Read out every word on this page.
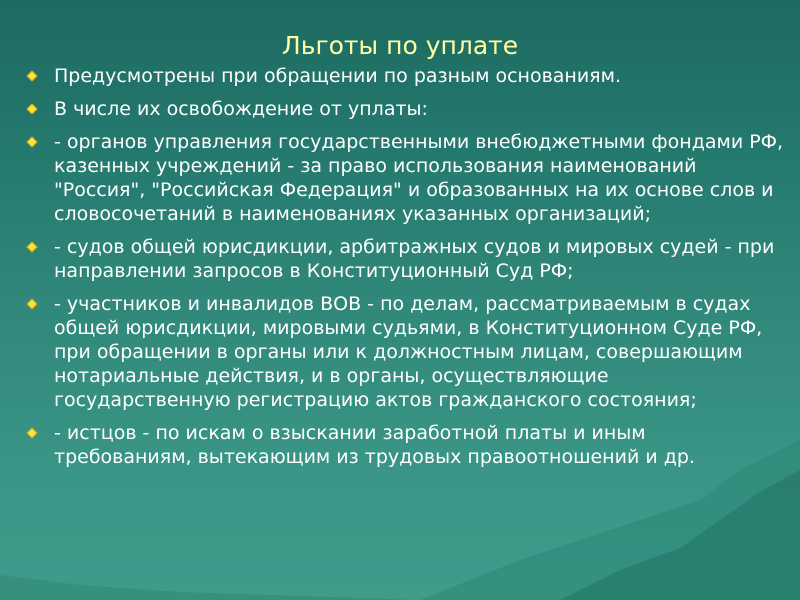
Льготы по уплате
Предусмотрены при обращении по разным основаниям.
В числе их освобождение от уплаты:
- органов управления государственными внебюджетными фондами РФ, казенных учреждений - за право использования наименований "Россия", "Российская Федерация" и образованных на их основе слов и словосочетаний в наименованиях указанных организаций;
- судов общей юрисдикции, арбитражных судов и мировых судей - при направлении запросов в Конституционный Суд РФ;
- участников и инвалидов ВОВ - по делам, рассматриваемым в судах общей юрисдикции, мировыми судьями, в Конституционном Суде РФ, при обращении в органы или к должностным лицам, совершающим нотариальные действия, и в органы, осуществляющие государственную регистрацию актов гражданского состояния;
- истцов - по искам о взыскании заработной платы и иным требованиям, вытекающим из трудовых правоотношений и др.
